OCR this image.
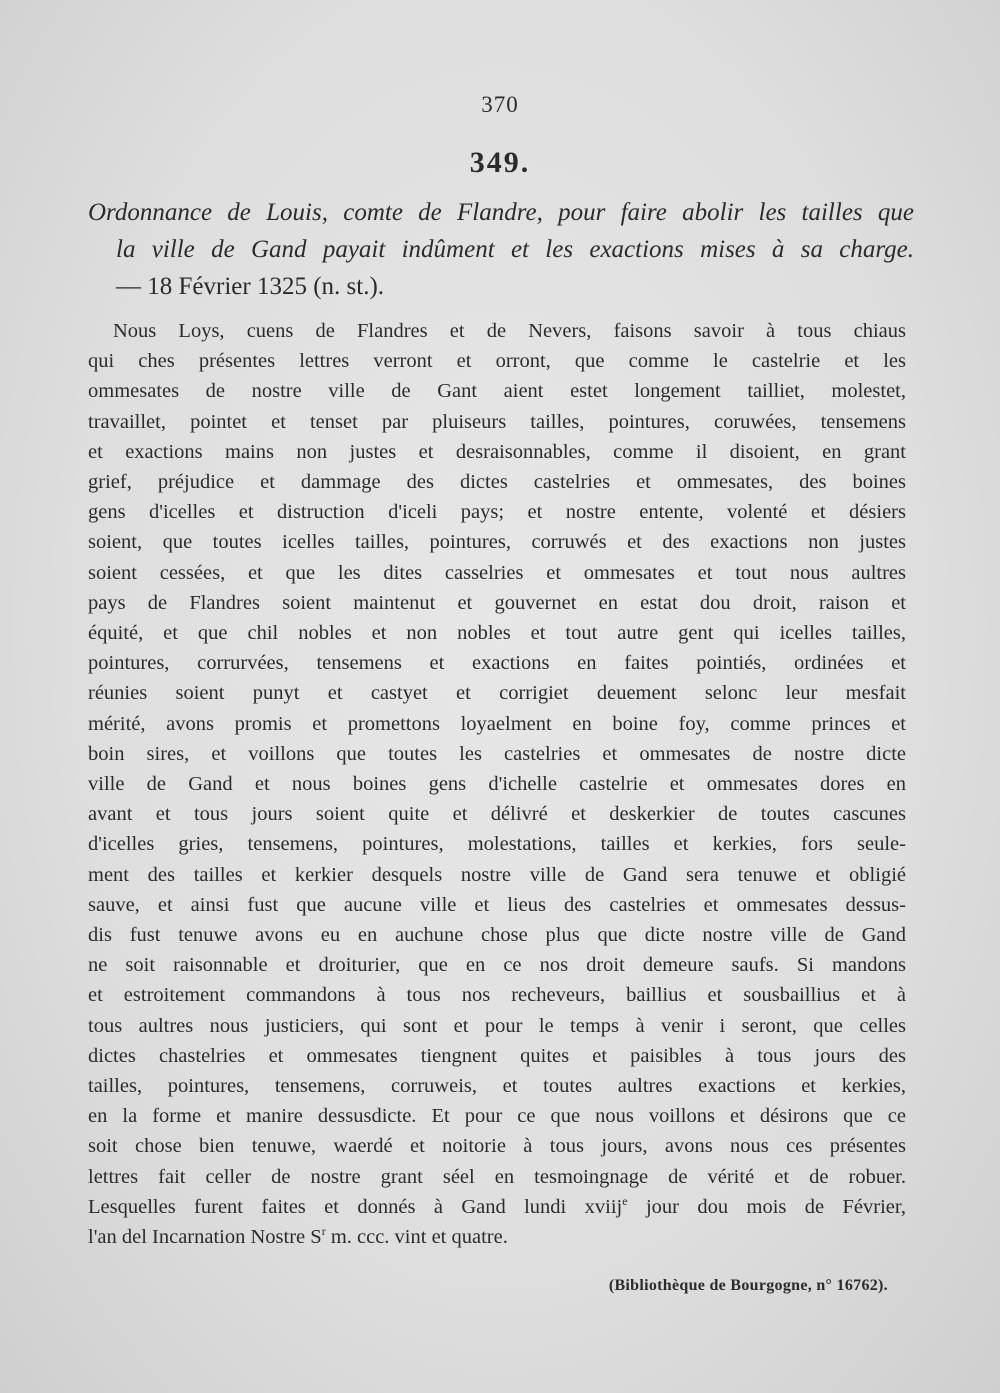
370
349.
Ordonnance de Louis, comte de Flandre, pour faire abolir les tailles que
la ville de Gand payait indûment et les exactions mises à sa charge.
— 18 Février 1325 (n. st.).
Nous Loys, cuens de Flandres et de Nevers, faisons savoir à tous chiaus
qui ches présentes lettres verront et orront, que comme le castelrie et les
ommesates de nostre ville de Gant aient estet longement tailliet, molestet,
travaillet, pointet et tenset par pluiseurs tailles, pointures, coruwées, tensemens
et exactions mains non justes et desraisonnables, comme il disoient, en grant
grief, préjudice et dammage des dictes castelries et ommesates, des boines
gens d'icelles et distruction d'iceli pays; et nostre entente, volenté et désiers
soient, que toutes icelles tailles, pointures, corruwés et des exactions non justes
soient cessées, et que les dites casselries et ommesates et tout nous aultres
pays de Flandres soient maintenut et gouvernet en estat dou droit, raison et
équité, et que chil nobles et non nobles et tout autre gent qui icelles tailles,
pointures, corrurvées, tensemens et exactions en faites pointiés, ordinées et
réunies soient punyt et castyet et corrigiet deuement selonc leur mesfait
mérité, avons promis et promettons loyaelment en boine foy, comme princes et
boin sires, et voillons que toutes les castelries et ommesates de nostre dicte
ville de Gand et nous boines gens d'ichelle castelrie et ommesates dores en
avant et tous jours soient quite et délivré et deskerkier de toutes cascunes
d'icelles gries, tensemens, pointures, molestations, tailles et kerkies, fors seule-
ment des tailles et kerkier desquels nostre ville de Gand sera tenuwe et obligié
sauve, et ainsi fust que aucune ville et lieus des castelries et ommesates dessus-
dis fust tenuwe avons eu en auchune chose plus que dicte nostre ville de Gand
ne soit raisonnable et droiturier, que en ce nos droit demeure saufs. Si mandons
et estroitement commandons à tous nos recheveurs, baillius et sousbaillius et à
tous aultres nous justiciers, qui sont et pour le temps à venir i seront, que celles
dictes chastelries et ommesates tiengnent quites et paisibles à tous jours des
tailles, pointures, tensemens, corruweis, et toutes aultres exactions et kerkies,
en la forme et manire dessusdicte. Et pour ce que nous voillons et désirons que ce
soit chose bien tenuwe, waerdé et noitorie à tous jours, avons nous ces présentes
lettres fait celler de nostre grant séel en tesmoingnage de vérité et de robuer.
Lesquelles furent faites et donnés à Gand lundi xviij$^e$ jour dou mois de Février,
l'an del Incarnation Nostre $S^r$ m. ccc. vint et quatre.
(Bibliothèque de Bourgogne, n° 16762).
